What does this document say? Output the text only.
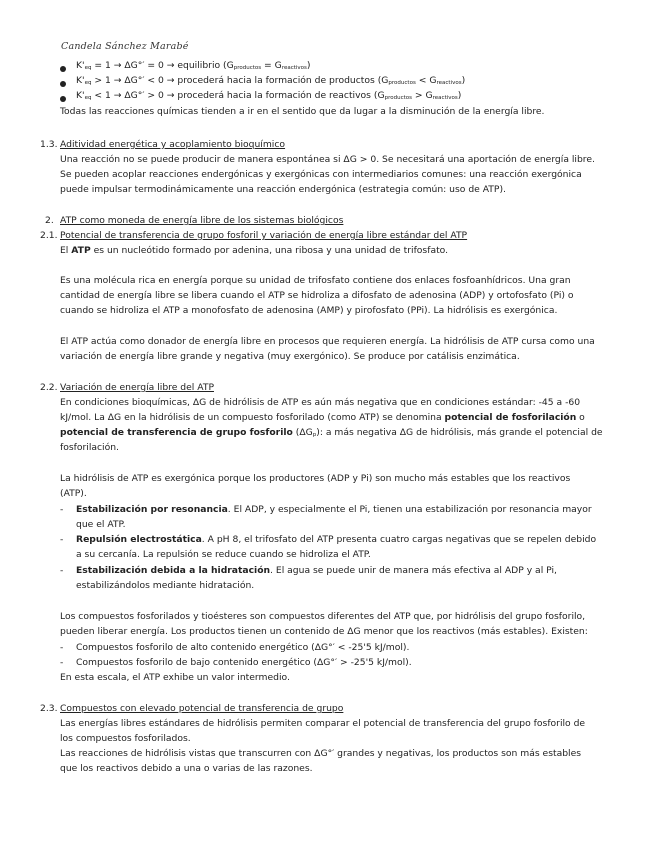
Candela Sánchez Marabé
$K'_{eq} = 1 \to \Delta G^\circ' = 0$ → equilibrio $(G_{productos} = G_{reactivos})$
$K'_{eq} > 1 \to \Delta G^\circ' < 0$ → procederá hacia la formación de productos $(G_{productos} < G_{reactivos})$
$K'_{eq} < 1 \to \Delta G^\circ' > 0$ → procederá hacia la formación de reactivos $(G_{productos} > G_{reactivos})$
Todas las reacciones químicas tienden a ir en el sentido que da lugar a la disminución de la energía libre.
1.3. Aditividad energética y acoplamiento bioquímico
Una reacción no se puede producir de manera espontánea si ΔG > 0. Se necesitará una aportación de energía libre.
Se pueden acoplar reacciones endergónicas y exergónicas con intermediarios comunes: una reacción exergónica
puede impulsar termodinámicamente una reacción endergónica (estrategia común: uso de ATP).
2. ATP como moneda de energía libre de los sistemas biológicos
2.1. Potencial de transferencia de grupo fosforil y variación de energía libre estándar del ATP
El ATP es un nucleótido formado por adenina, una ribosa y una unidad de trifosfato.
Es una molécula rica en energía porque su unidad de trifosfato contiene dos enlaces fosfoanhídricos. Una gran
cantidad de energía libre se libera cuando el ATP se hidroliza a difosfato de adenosina (ADP) y ortofosfato (Pi) o
cuando se hidroliza el ATP a monofosfato de adenosina (AMP) y pirofosfato (PPi). La hidrólisis es exergónica.
El ATP actúa como donador de energía libre en procesos que requieren energía. La hidrólisis de ATP cursa como una
variación de energía libre grande y negativa (muy exergónico). Se produce por catálisis enzimática.
2.2. Variación de energía libre del ATP
En condiciones bioquímicas, ΔG de hidrólisis de ATP es aún más negativa que en condiciones estándar: -45 a -60
kJ/mol. La ΔG en la hidrólisis de un compuesto fosforilado (como ATP) se denomina potencial de fosforilación o
potencial de transferencia de grupo fosforilo $(\Delta G_p)$: a más negativa ΔG de hidrólisis, más grande el potencial de
fosforilación.
La hidrólisis de ATP es exergónica porque los productores (ADP y Pi) son mucho más estables que los reactivos
(ATP).
- Estabilización por resonancia. El ADP, y especialmente el Pi, tienen una estabilización por resonancia mayor
que el ATP.
- Repulsión electrostática. A pH 8, el trifosfato del ATP presenta cuatro cargas negativas que se repelen debido
a su cercanía. La repulsión se reduce cuando se hidroliza el ATP.
- Estabilización debida a la hidratación. El agua se puede unir de manera más efectiva al ADP y al Pi,
estabilizándolos mediante hidratación.
Los compuestos fosforilados y tioésteres son compuestos diferentes del ATP que, por hidrólisis del grupo fosforilo,
pueden liberar energía. Los productos tienen un contenido de ΔG menor que los reactivos (más estables). Existen:
- Compuestos fosforilo de alto contenido energético (ΔG°′ < -25'5 kJ/mol).
- Compuestos fosforilo de bajo contenido energético (ΔG°′ > -25'5 kJ/mol).
En esta escala, el ATP exhibe un valor intermedio.
2.3. Compuestos con elevado potencial de transferencia de grupo
Las energías libres estándares de hidrólisis permiten comparar el potencial de transferencia del grupo fosforilo de
los compuestos fosforilados.
Las reacciones de hidrólisis vistas que transcurren con ΔG°′ grandes y negativas, los productos son más estables
que los reactivos debido a una o varias de las razones.
